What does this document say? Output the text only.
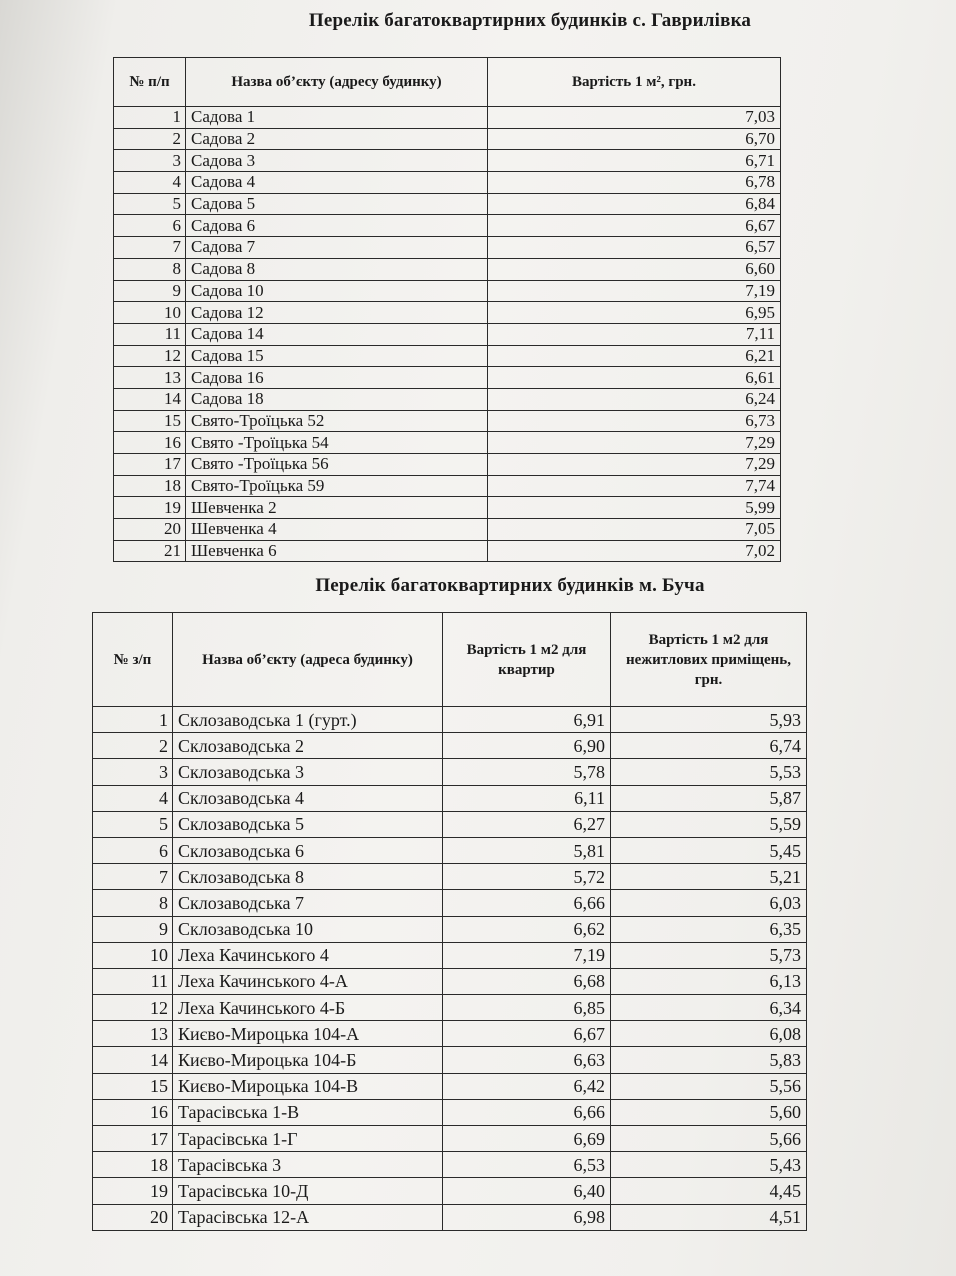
Перелік багатоквартирних будинків с. Гаврилівка
№ п/п	Назва об’єкту (адресу будинку)	Вартість 1 м², грн.
1	Садова 1	7,03
2	Садова 2	6,70
3	Садова 3	6,71
4	Садова 4	6,78
5	Садова 5	6,84
6	Садова 6	6,67
7	Садова 7	6,57
8	Садова 8	6,60
9	Садова 10	7,19
10	Садова 12	6,95
11	Садова 14	7,11
12	Садова 15	6,21
13	Садова 16	6,61
14	Садова 18	6,24
15	Свято-Троїцька 52	6,73
16	Свято -Троїцька 54	7,29
17	Свято -Троїцька 56	7,29
18	Свято-Троїцька 59	7,74
19	Шевченка 2	5,99
20	Шевченка 4	7,05
21	Шевченка 6	7,02
Перелік багатоквартирних будинків м. Буча
№ з/п	Назва об’єкту (адреса будинку)	Вартість 1 м2 для квартир	Вартість 1 м2 для нежитлових приміщень, грн.
1	Склозаводська 1 (гурт.)	6,91	5,93
2	Склозаводська 2	6,90	6,74
3	Склозаводська 3	5,78	5,53
4	Склозаводська 4	6,11	5,87
5	Склозаводська 5	6,27	5,59
6	Склозаводська 6	5,81	5,45
7	Склозаводська 8	5,72	5,21
8	Склозаводська 7	6,66	6,03
9	Склозаводська 10	6,62	6,35
10	Леха Качинського 4	7,19	5,73
11	Леха Качинського 4-А	6,68	6,13
12	Леха Качинського 4-Б	6,85	6,34
13	Києво-Мироцька 104-А	6,67	6,08
14	Києво-Мироцька 104-Б	6,63	5,83
15	Києво-Мироцька 104-В	6,42	5,56
16	Тарасівська 1-В	6,66	5,60
17	Тарасівська 1-Г	6,69	5,66
18	Тарасівська 3	6,53	5,43
19	Тарасівська 10-Д	6,40	4,45
20	Тарасівська 12-А	6,98	4,51
